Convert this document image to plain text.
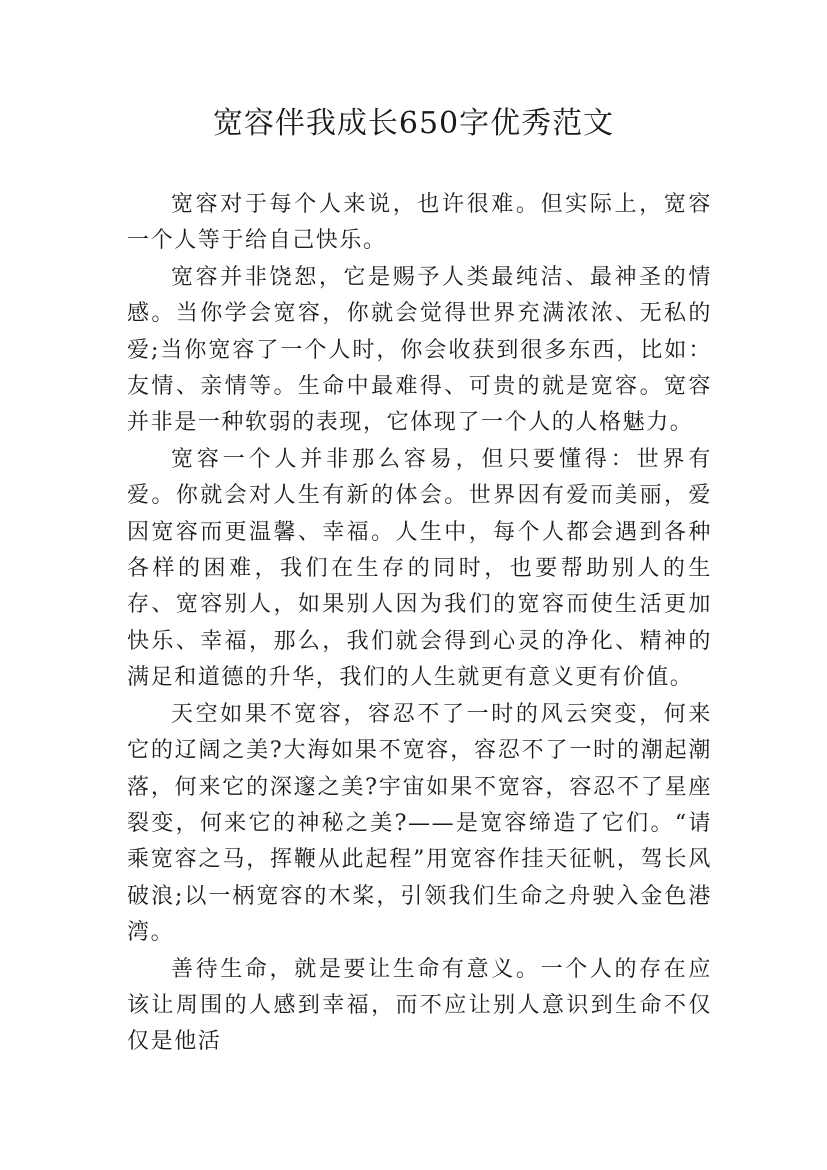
宽容伴我成长650字优秀范文

宽容对于每个人来说，也许很难。但实际上，宽容一个人等于给自己快乐。

宽容并非饶恕，它是赐予人类最纯洁、最神圣的情感。当你学会宽容，你就会觉得世界充满浓浓、无私的爱;当你宽容了一个人时，你会收获到很多东西，比如：友情、亲情等。生命中最难得、可贵的就是宽容。宽容并非是一种软弱的表现，它体现了一个人的人格魅力。

宽容一个人并非那么容易，但只要懂得：世界有爱。你就会对人生有新的体会。世界因有爱而美丽，爱因宽容而更温馨、幸福。人生中，每个人都会遇到各种各样的困难，我们在生存的同时，也要帮助别人的生存、宽容别人，如果别人因为我们的宽容而使生活更加快乐、幸福，那么，我们就会得到心灵的净化、精神的满足和道德的升华，我们的人生就更有意义更有价值。

天空如果不宽容，容忍不了一时的风云突变，何来它的辽阔之美?大海如果不宽容，容忍不了一时的潮起潮落，何来它的深邃之美?宇宙如果不宽容，容忍不了星座裂变，何来它的神秘之美?——是宽容缔造了它们。“请乘宽容之马，挥鞭从此起程”用宽容作挂天征帆，驾长风破浪;以一柄宽容的木桨，引领我们生命之舟驶入金色港湾。

善待生命，就是要让生命有意义。一个人的存在应该让周围的人感到幸福，而不应让别人意识到生命不仅仅是他活
